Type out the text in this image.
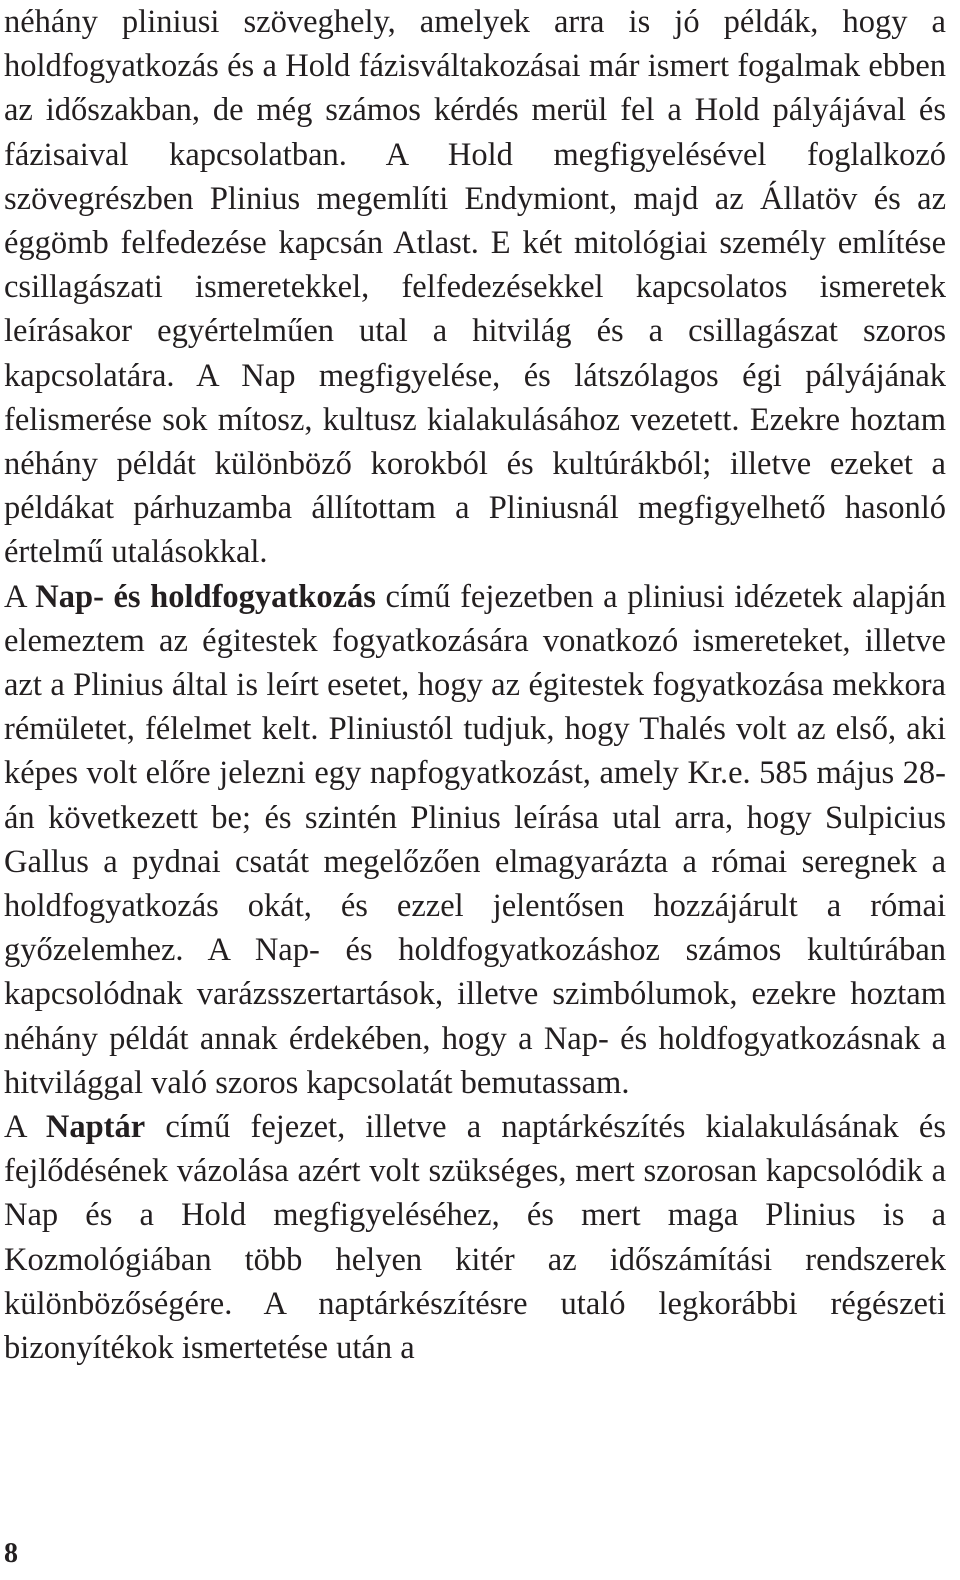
néhány pliniusi szöveghely, amelyek arra is jó példák, hogy a holdfogyatkozás és a Hold fázisváltakozásai már ismert fogalmak ebben az időszakban, de még számos kérdés merül fel a Hold pályájával és fázisaival kapcsolatban. A Hold megfigyelésével foglalkozó szövegrészben Plinius megemlíti Endymiont, majd az Állatöv és az éggömb felfedezése kapcsán Atlast. E két mitológiai személy említése csillagászati ismeretekkel, felfedezésekkel kapcsolatos ismeretek leírásakor egyértelműen utal a hitvilág és a csillagászat szoros kapcsolatára. A Nap megfigyelése, és látszólagos égi pályájának felismerése sok mítosz, kultusz kialakulásához vezetett. Ezekre hoztam néhány példát különböző korokból és kultúrákból; illetve ezeket a példákat párhuzamba állítottam a Pliniusnál megfigyelhető hasonló értelmű utalásokkal.

A Nap- és holdfogyatkozás című fejezetben a pliniusi idézetek alapján elemeztem az égitestek fogyatkozására vonatkozó ismereteket, illetve azt a Plinius által is leírt esetet, hogy az égitestek fogyatkozása mekkora rémületet, félelmet kelt. Pliniustól tudjuk, hogy Thalés volt az első, aki képes volt előre jelezni egy napfogyatkozást, amely Kr.e. 585 május 28-án következett be; és szintén Plinius leírása utal arra, hogy Sulpicius Gallus a pydnai csatát megelőzően elmagyarázta a római seregnek a holdfogyatkozás okát, és ezzel jelentősen hozzájárult a római győzelemhez. A Nap- és holdfogyatkozáshoz számos kultúrában kapcsolódnak varázsszertartások, illetve szimbólumok, ezekre hoztam néhány példát annak érdekében, hogy a Nap- és holdfogyatkozásnak a hitvilággal való szoros kapcsolatát bemutassam.

A Naptár című fejezet, illetve a naptárkészítés kialakulásának és fejlődésének vázolása azért volt szükséges, mert szorosan kapcsolódik a Nap és a Hold megfigyeléséhez, és mert maga Plinius is a Kozmológiában több helyen kitér az időszámítási rendszerek különbözőségére. A naptárkészítésre utaló legkorábbi régészeti bizonyítékok ismertetése után a

8
